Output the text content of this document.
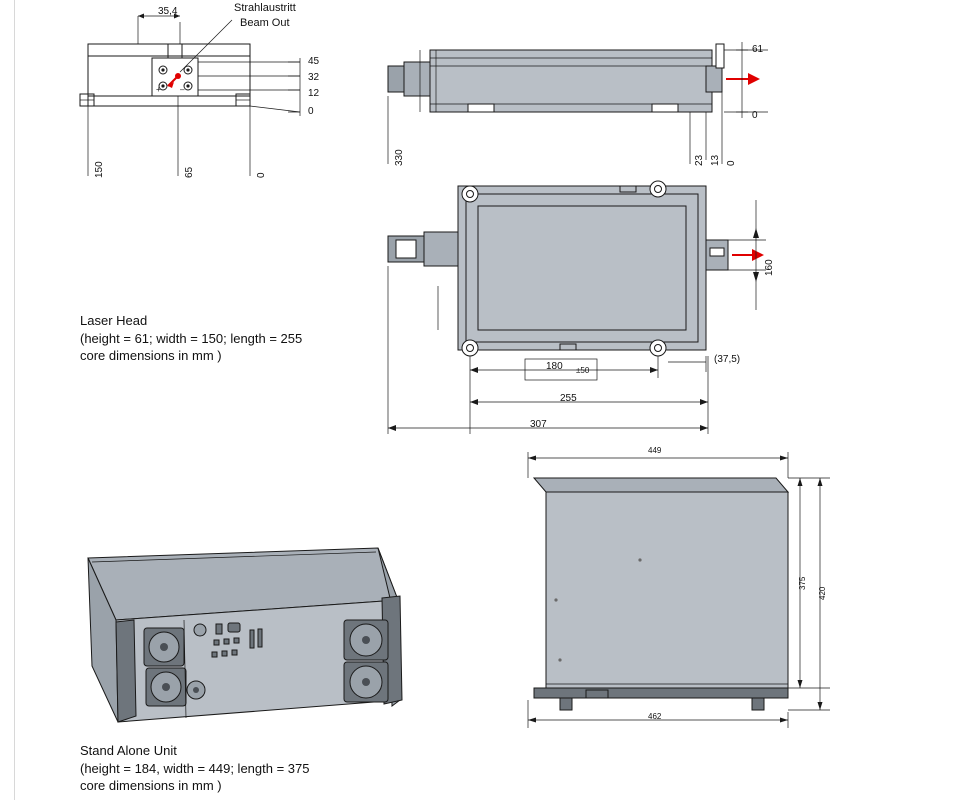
+ –
35,4	Strahlaustritt
Beam Out
45
32
12
0
150	65	0
61
0
330	23 13 0
160
180 ±50
(37,5)
255
307
Laser Head
(height = 61; width = 150; length = 255
core dimensions in mm )
449
375
420
462
Stand Alone Unit
(height = 184, width = 449; length = 375
core dimensions in mm )
